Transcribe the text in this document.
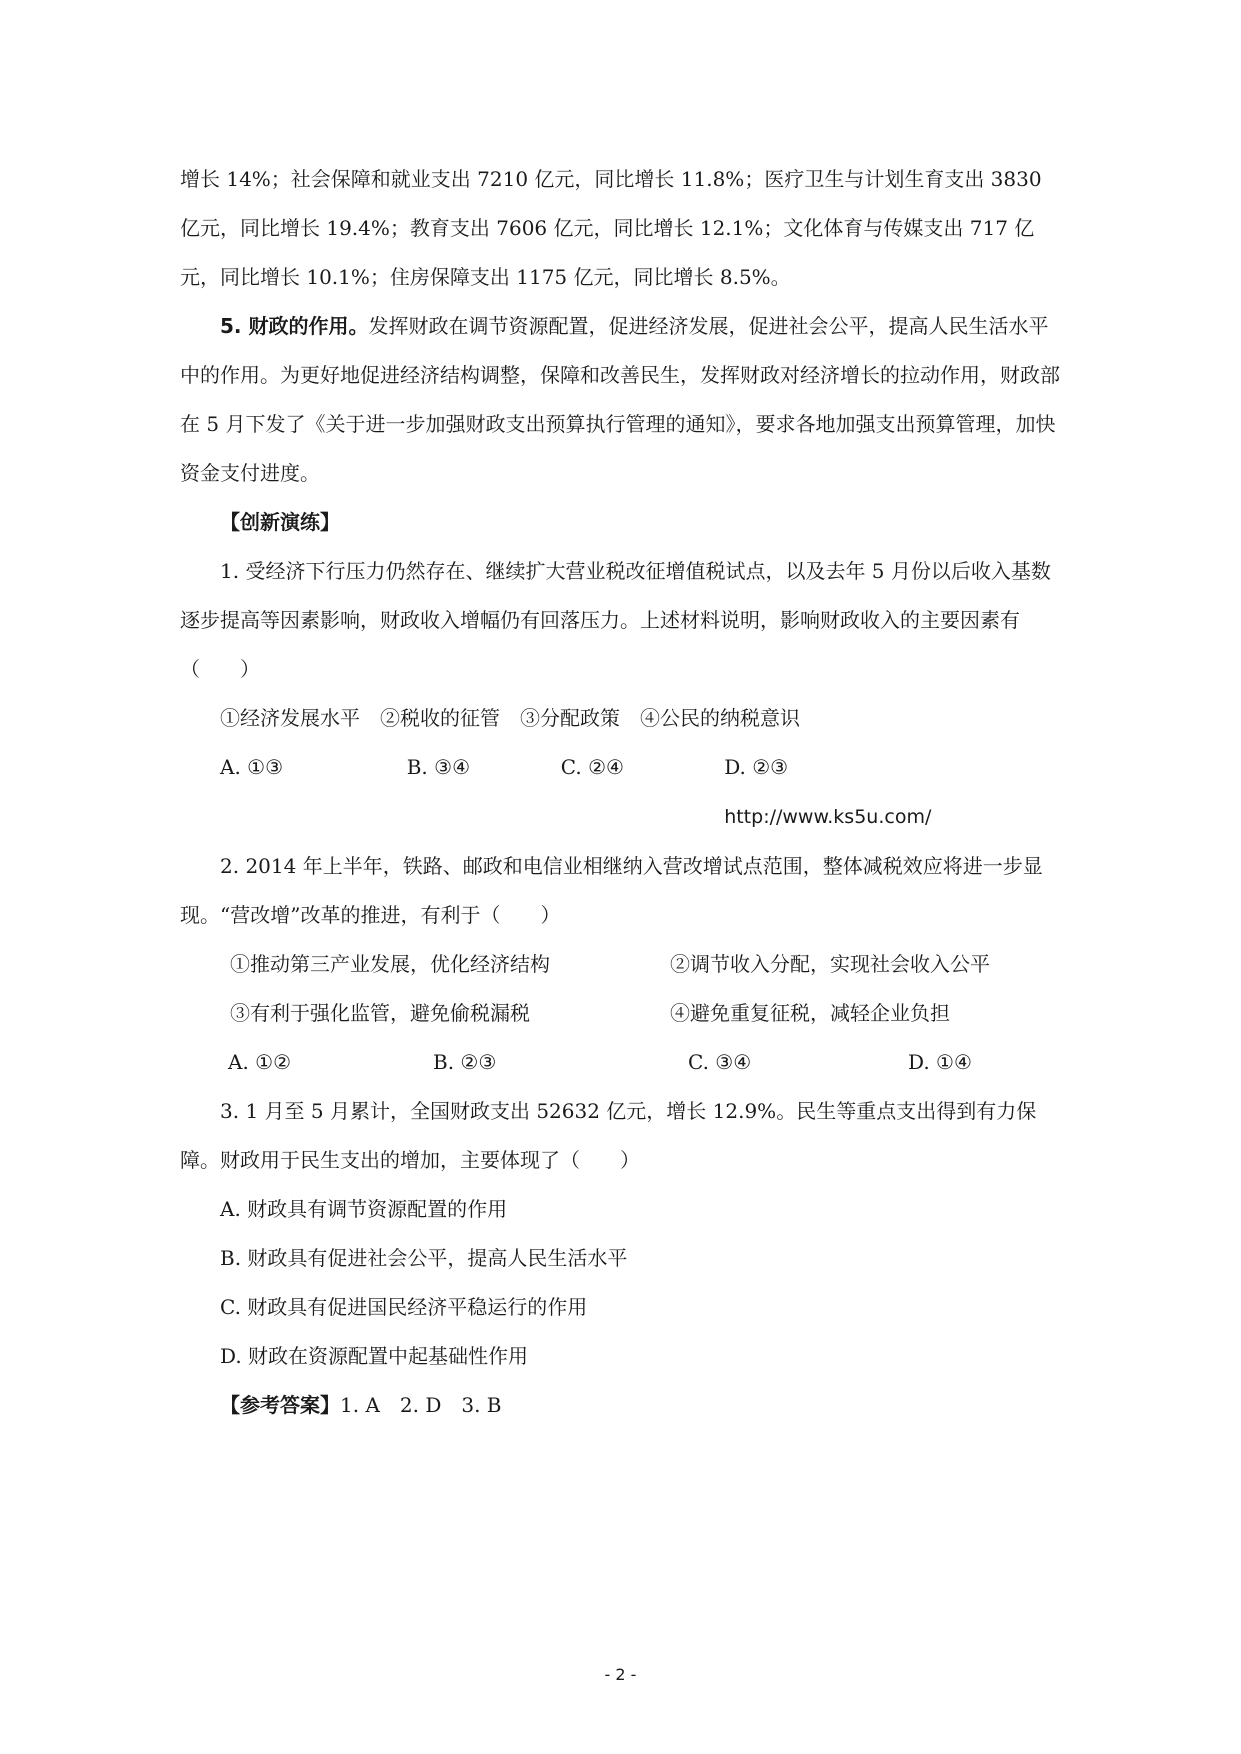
增长 14%；社会保障和就业支出 7210 亿元，同比增长 11.8%；医疗卫生与计划生育支出 3830

亿元，同比增长 19.4%；教育支出 7606 亿元，同比增长 12.1%；文化体育与传媒支出 717 亿

元，同比增长 10.1%；住房保障支出 1175 亿元，同比增长 8.5%。

5. 财政的作用。发挥财政在调节资源配置，促进经济发展，促进社会公平，提高人民生活水平中的作用。为更好地促进经济结构调整，保障和改善民生，发挥财政对经济增长的拉动作用，财政部在 5 月下发了《关于进一步加强财政支出预算执行管理的通知》，要求各地加强支出预算管理，加快资金支付进度。

【创新演练】

1. 受经济下行压力仍然存在、继续扩大营业税改征增值税试点，以及去年 5 月份以后收入基数逐步提高等因素影响，财政收入增幅仍有回落压力。上述材料说明，影响财政收入的主要因素有（　　）

①经济发展水平　②税收的征管　③分配政策　④公民的纳税意识

A. ①③	B. ③④	C. ②④	D. ②③http://www.ks5u.com/

2. 2014 年上半年，铁路、邮政和电信业相继纳入营改增试点范围，整体减税效应将进一步显现。“营改增”改革的推进，有利于（　　）

①推动第三产业发展，优化经济结构	②调节收入分配，实现社会收入公平
③有利于强化监管，避免偷税漏税	④避免重复征税，减轻企业负担
A. ①②	B. ②③	C. ③④	D. ①④

3. 1 月至 5 月累计，全国财政支出 52632 亿元，增长 12.9%。民生等重点支出得到有力保障。财政用于民生支出的增加，主要体现了（　　）

A. 财政具有调节资源配置的作用

B. 财政具有促进社会公平，提高人民生活水平

C. 财政具有促进国民经济平稳运行的作用

D. 财政在资源配置中起基础性作用

【参考答案】1. A　2. D　3. B

- 2 -
